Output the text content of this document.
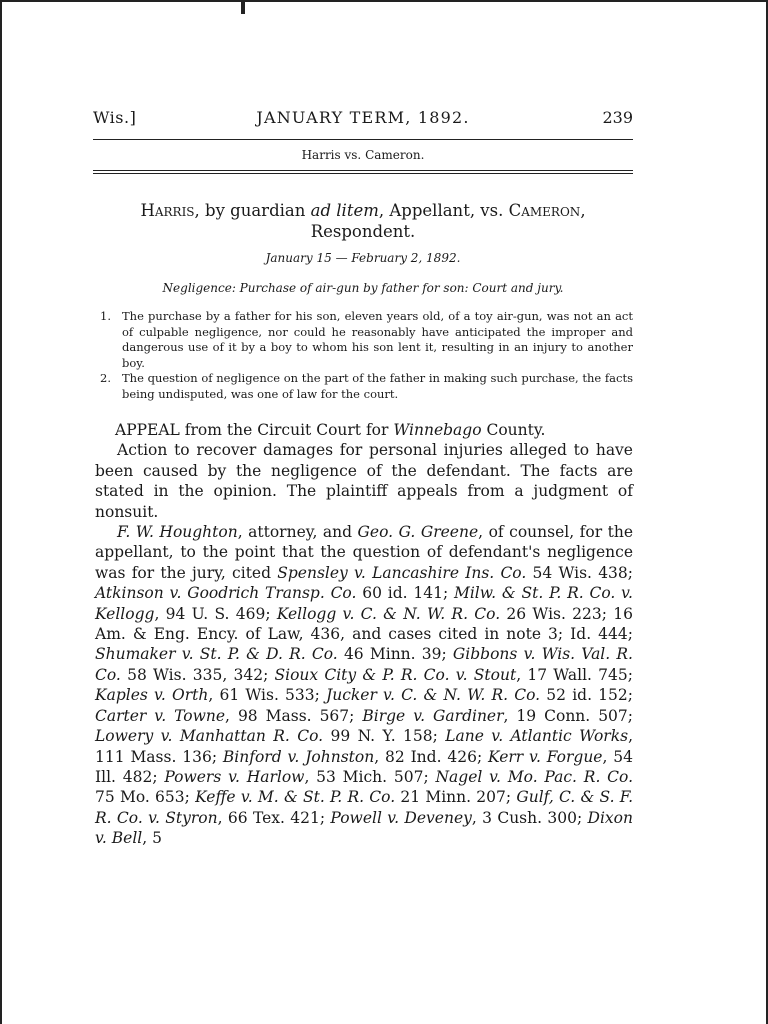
Wis.]	JANUARY TERM, 1892.	239
Harris vs. Cameron.
Harris, by guardian ad litem, Appellant, vs. Cameron, Respondent.
January 15 — February 2, 1892.
Negligence: Purchase of air-gun by father for son: Court and jury.
1. The purchase by a father for his son, eleven years old, of a toy air-gun, was not an act of culpable negligence, nor could he reasonably have anticipated the improper and dangerous use of it by a boy to whom his son lent it, resulting in an injury to another boy.
2. The question of negligence on the part of the father in making such purchase, the facts being undisputed, was one of law for the court.

APPEAL from the Circuit Court for Winnebago County.

Action to recover damages for personal injuries alleged to have been caused by the negligence of the defendant. The facts are stated in the opinion. The plaintiff appeals from a judgment of nonsuit.

F. W. Houghton, attorney, and Geo. G. Greene, of counsel, for the appellant, to the point that the question of defendant's negligence was for the jury, cited Spensley v. Lancashire Ins. Co. 54 Wis. 438; Atkinson v. Goodrich Transp. Co. 60 id. 141; Milw. & St. P. R. Co. v. Kellogg, 94 U. S. 469; Kellogg v. C. & N. W. R. Co. 26 Wis. 223; 16 Am. & Eng. Ency. of Law, 436, and cases cited in note 3; Id. 444; Shumaker v. St. P. & D. R. Co. 46 Minn. 39; Gibbons v. Wis. Val. R. Co. 58 Wis. 335, 342; Sioux City & P. R. Co. v. Stout, 17 Wall. 745; Kaples v. Orth, 61 Wis. 533; Jucker v. C. & N. W. R. Co. 52 id. 152; Carter v. Towne, 98 Mass. 567; Birge v. Gardiner, 19 Conn. 507; Lowery v. Manhattan R. Co. 99 N. Y. 158; Lane v. Atlantic Works, 111 Mass. 136; Binford v. Johnston, 82 Ind. 426; Kerr v. Forgue, 54 Ill. 482; Powers v. Harlow, 53 Mich. 507; Nagel v. Mo. Pac. R. Co. 75 Mo. 653; Keffe v. M. & St. P. R. Co. 21 Minn. 207; Gulf, C. & S. F. R. Co. v. Styron, 66 Tex. 421; Powell v. Deveney, 3 Cush. 300; Dixon v. Bell, 5
